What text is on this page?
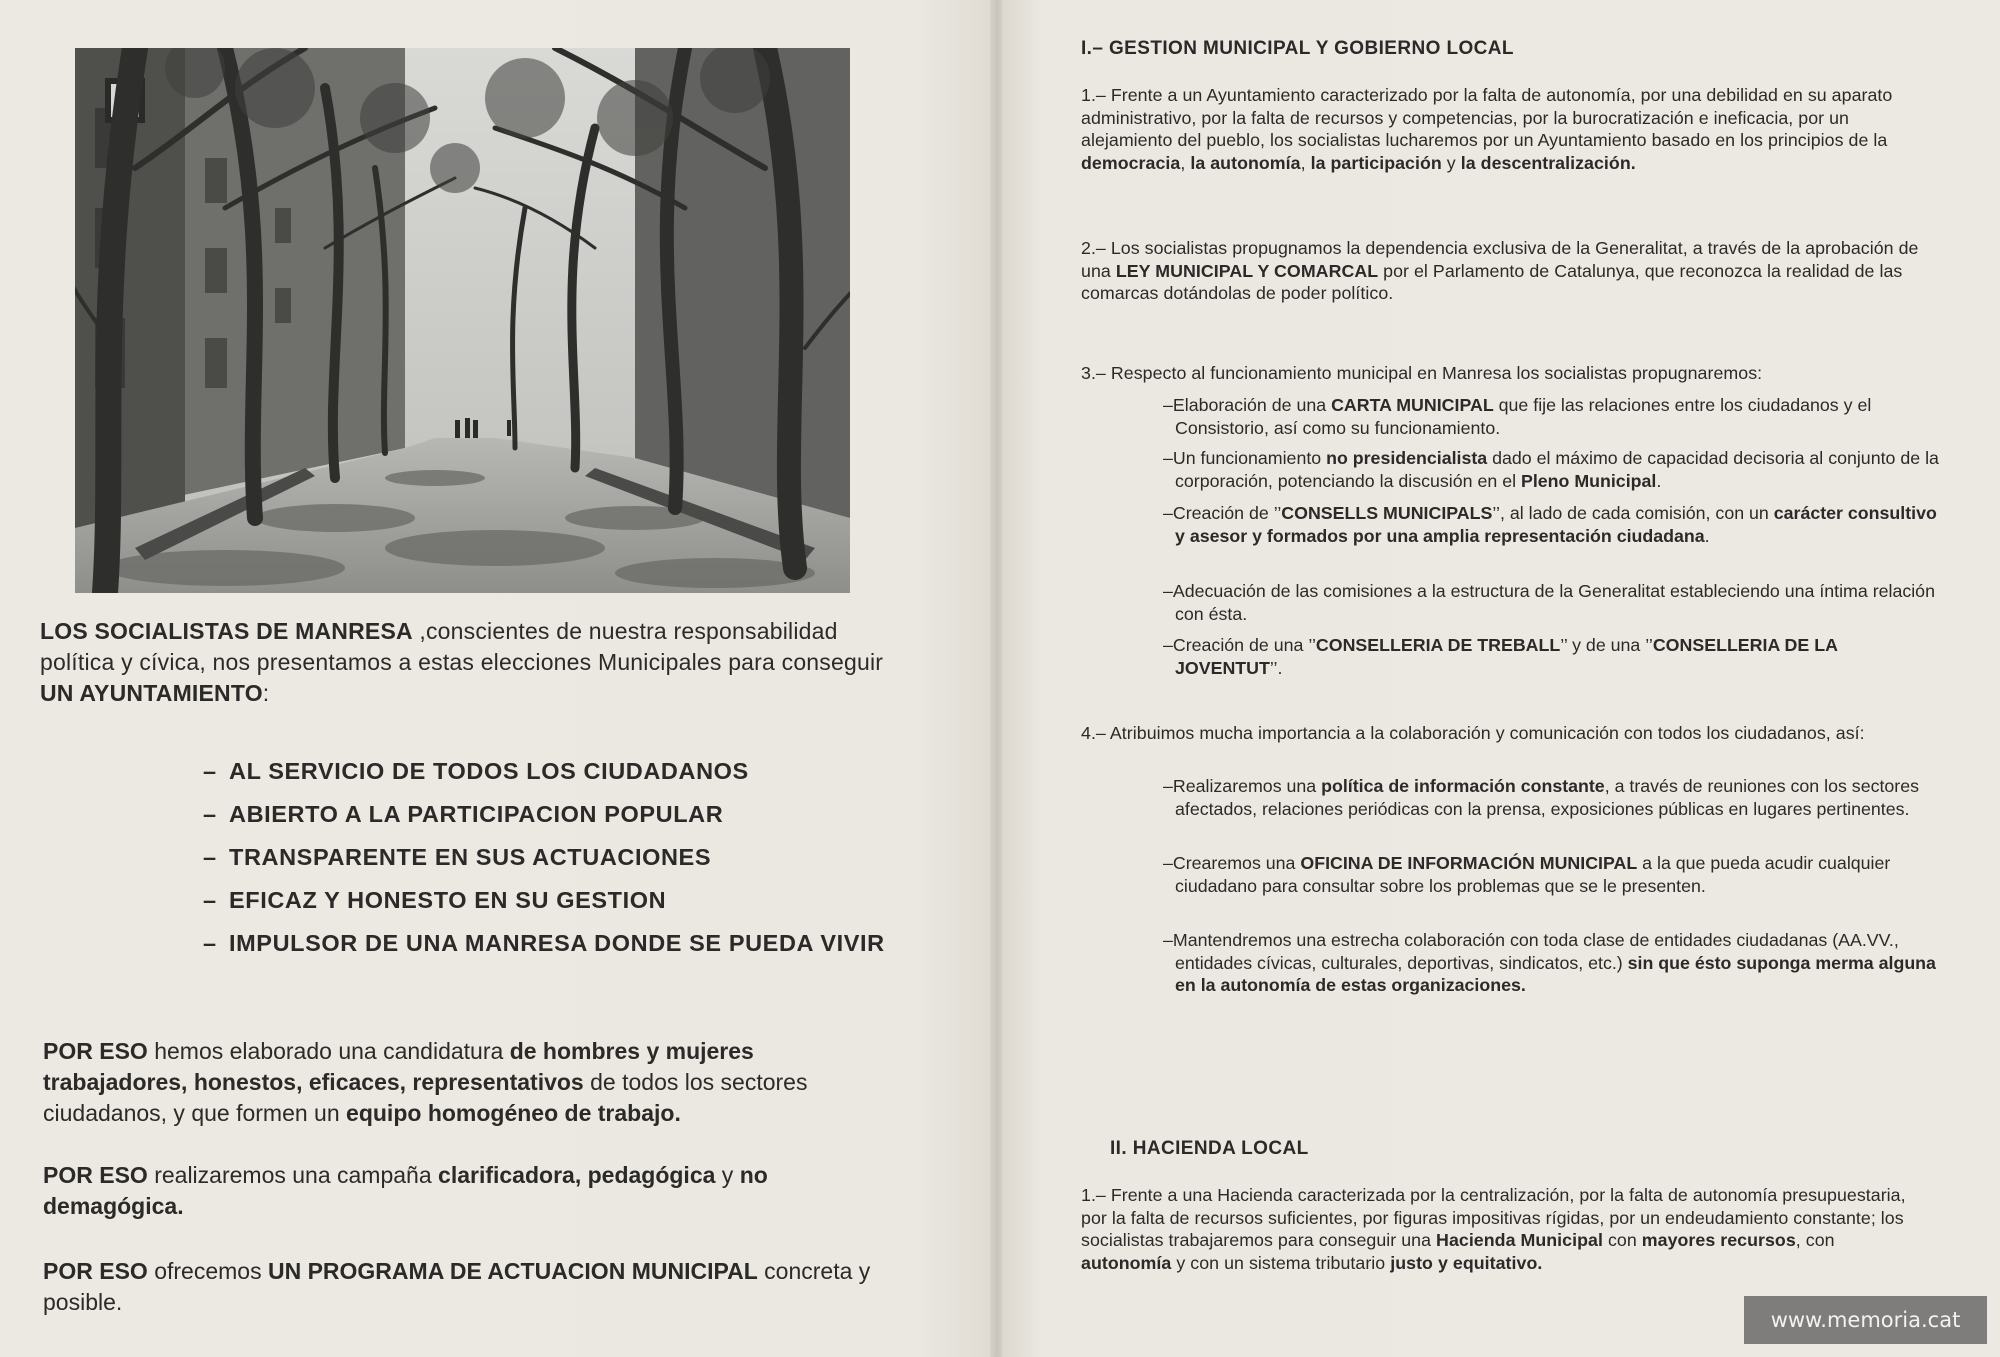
LOS SOCIALISTAS DE MANRESA ,conscientes de nuestra responsabilidad política y cívica, nos presentamos a estas elecciones Municipales para conseguir UN AYUNTAMIENTO:
– AL SERVICIO DE TODOS LOS CIUDADANOS
– ABIERTO A LA PARTICIPACION POPULAR
– TRANSPARENTE EN SUS ACTUACIONES
– EFICAZ Y HONESTO EN SU GESTION
– IMPULSOR DE UNA MANRESA DONDE SE PUEDA VIVIR
POR ESO hemos elaborado una candidatura de hombres y mujeres trabajadores, honestos, eficaces, representativos de todos los sectores ciudadanos, y que formen un equipo homogéneo de trabajo.
POR ESO realizaremos una campaña clarificadora, pedagógica y no demagógica.
POR ESO ofrecemos UN PROGRAMA DE ACTUACION MUNICIPAL concreta y posible.
I.– GESTION MUNICIPAL Y GOBIERNO LOCAL
1.– Frente a un Ayuntamiento caracterizado por la falta de autonomía, por una debilidad en su aparato administrativo, por la falta de recursos y competencias, por la burocratización e ineficacia, por un alejamiento del pueblo, los socialistas lucharemos por un Ayuntamiento basado en los principios de la democracia, la autonomía, la participación y la descentralización.
2.– Los socialistas propugnamos la dependencia exclusiva de la Generalitat, a través de la aprobación de una LEY MUNICIPAL Y COMARCAL por el Parlamento de Catalunya, que reconozca la realidad de las comarcas dotándolas de poder político.
3.– Respecto al funcionamiento municipal en Manresa los socialistas propugnaremos:
–Elaboración de una CARTA MUNICIPAL que fije las relaciones entre los ciudadanos y el Consistorio, así como su funcionamiento.
–Un funcionamiento no presidencialista dado el máximo de capacidad decisoria al conjunto de la corporación, potenciando la discusión en el Pleno Municipal.
–Creación de ’’CONSELLS MUNICIPALS’’, al lado de cada comisión, con un carácter consultivo y asesor y formados por una amplia representación ciudadana.
–Adecuación de las comisiones a la estructura de la Generalitat estableciendo una íntima relación con ésta.
–Creación de una ’’CONSELLERIA DE TREBALL’’ y de una ’’CONSELLERIA DE LA JOVENTUT’’.
4.– Atribuimos mucha importancia a la colaboración y comunicación con todos los ciudadanos, así:
–Realizaremos una política de información constante, a través de reuniones con los sectores afectados, relaciones periódicas con la prensa, exposiciones públicas en lugares pertinentes.
–Crearemos una OFICINA DE INFORMACIÓN MUNICIPAL a la que pueda acudir cualquier ciudadano para consultar sobre los problemas que se le presenten.
–Mantendremos una estrecha colaboración con toda clase de entidades ciudadanas (AA.VV., entidades cívicas, culturales, deportivas, sindicatos, etc.) sin que ésto suponga merma alguna en la autonomía de estas organizaciones.
II. HACIENDA LOCAL
1.– Frente a una Hacienda caracterizada por la centralización, por la falta de autonomía presupuestaria, por la falta de recursos suficientes, por figuras impositivas rígidas, por un endeudamiento constante; los socialistas trabajaremos para conseguir una Hacienda Municipal con mayores recursos, con autonomía y con un sistema tributario justo y equitativo.
www.memoria.cat
